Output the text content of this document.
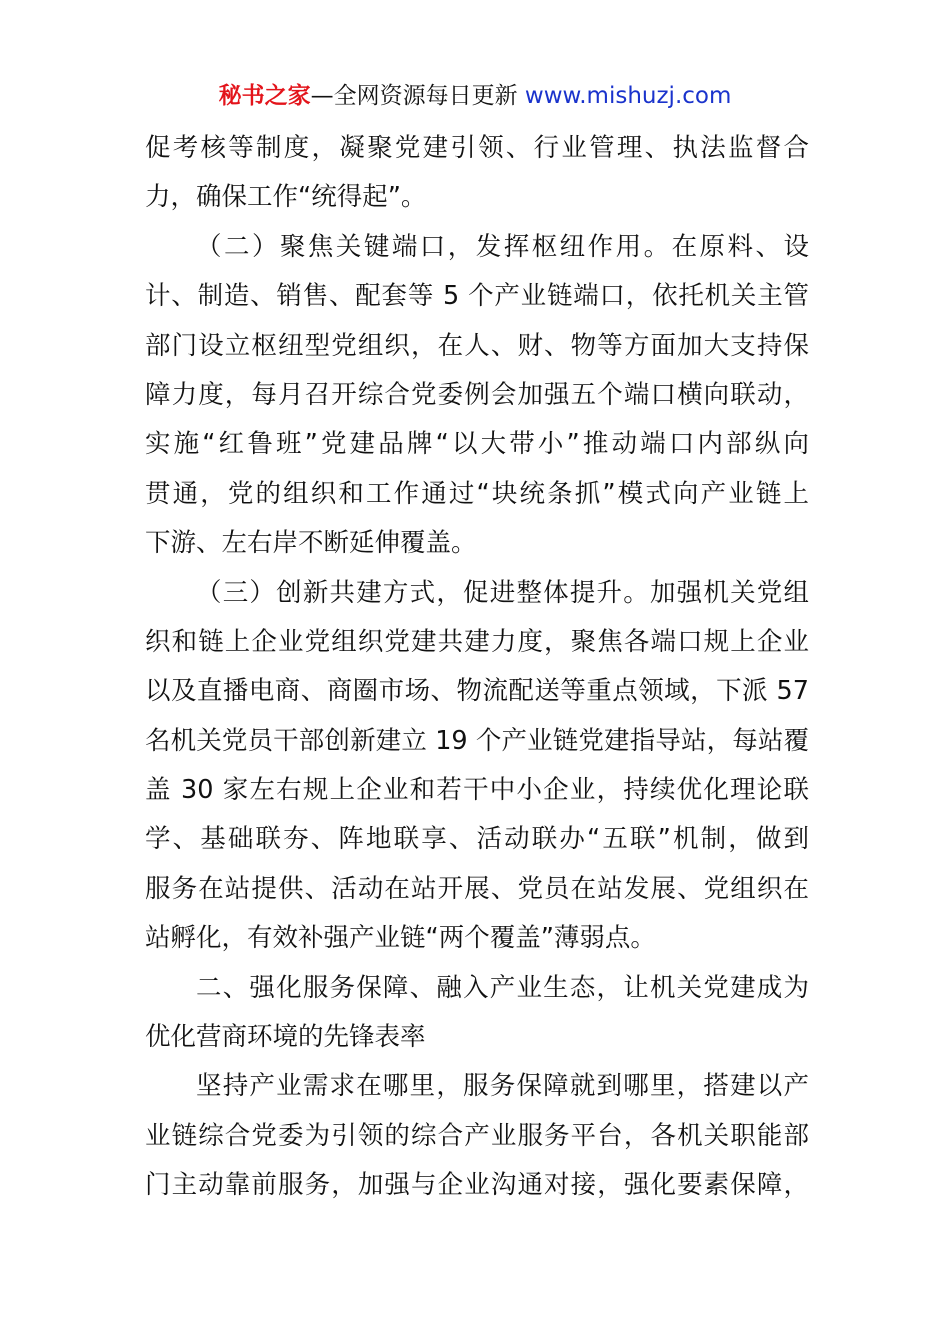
秘书之家—全网资源每日更新 www.mishuzj.com
促考核等制度，凝聚党建引领、行业管理、执法监督合
力，确保工作“统得起”。
（二）聚焦关键端口，发挥枢纽作用。在原料、设
计、制造、销售、配套等 5 个产业链端口，依托机关主管
部门设立枢纽型党组织，在人、财、物等方面加大支持保
障力度，每月召开综合党委例会加强五个端口横向联动，
实施“红鲁班”党建品牌“以大带小”推动端口内部纵向
贯通，党的组织和工作通过“块统条抓”模式向产业链上
下游、左右岸不断延伸覆盖。
（三）创新共建方式，促进整体提升。加强机关党组
织和链上企业党组织党建共建力度，聚焦各端口规上企业
以及直播电商、商圈市场、物流配送等重点领域，下派 57
名机关党员干部创新建立 19 个产业链党建指导站，每站覆
盖 30 家左右规上企业和若干中小企业，持续优化理论联
学、基础联夯、阵地联享、活动联办“五联”机制，做到
服务在站提供、活动在站开展、党员在站发展、党组织在
站孵化，有效补强产业链“两个覆盖”薄弱点。
二、强化服务保障、融入产业生态，让机关党建成为
优化营商环境的先锋表率
坚持产业需求在哪里，服务保障就到哪里，搭建以产
业链综合党委为引领的综合产业服务平台，各机关职能部
门主动靠前服务，加强与企业沟通对接，强化要素保障，
